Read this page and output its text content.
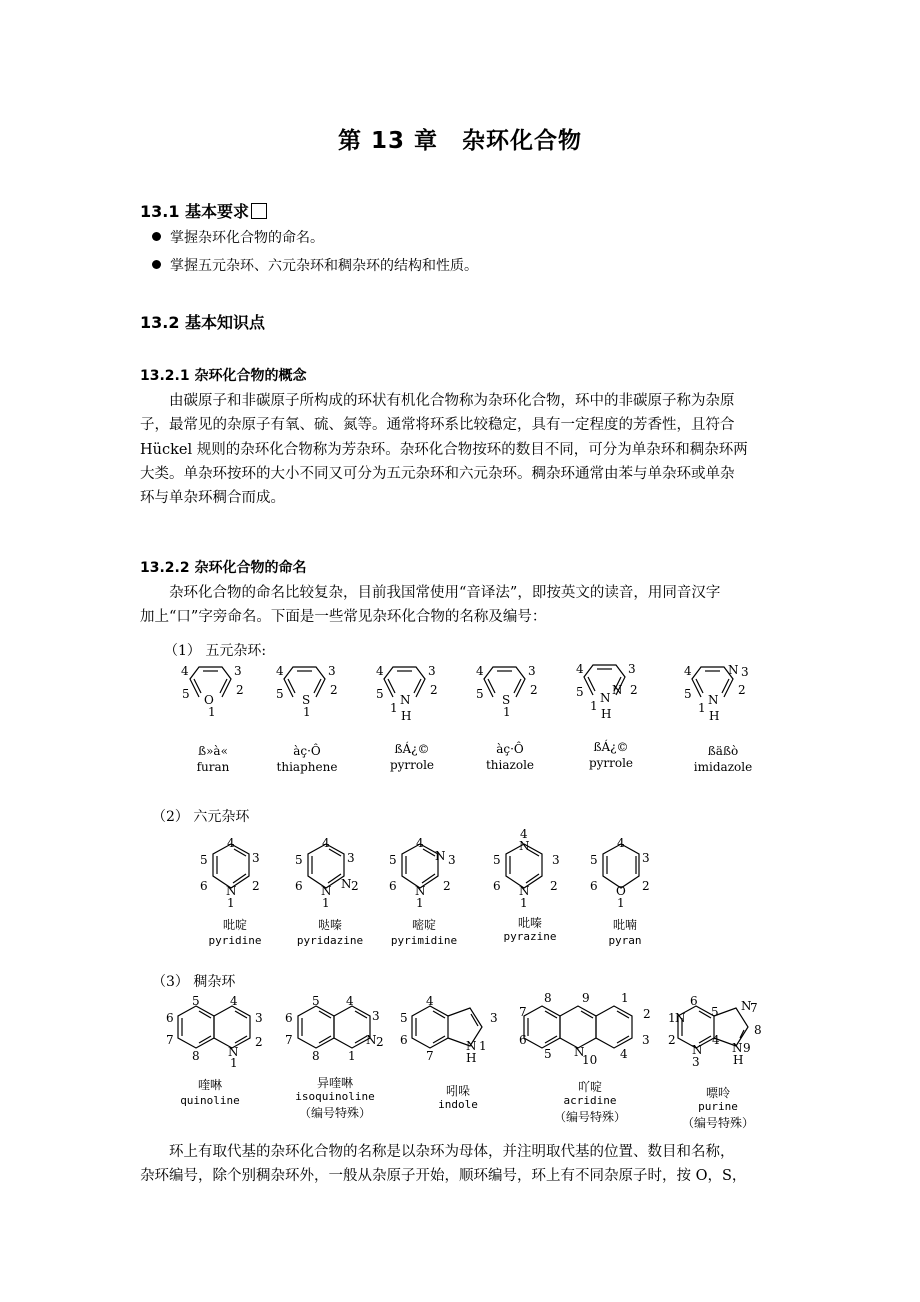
第 13 章　杂环化合物
13.1 基本要求
掌握杂环化合物的命名。
掌握五元杂环、六元杂环和稠杂环的结构和性质。
13.2 基本知识点
13.2.1 杂环化合物的概念
由碳原子和非碳原子所构成的环状有机化合物称为杂环化合物，环中的非碳原子称为杂原
子，最常见的杂原子有氧、硫、氮等。通常将环系比较稳定，具有一定程度的芳香性，且符合
Hückel 规则的杂环化合物称为芳杂环。杂环化合物按环的数目不同，可分为单杂环和稠杂环两
大类。单杂环按环的大小不同又可分为五元杂环和六元杂环。稠杂环通常由苯与单杂环或单杂
环与单杂环稠合而成。
13.2.2 杂环化合物的命名
杂环化合物的命名比较复杂，目前我国常使用“音译法”，即按英文的读音，用同音汉字
加上“口”字旁命名。下面是一些常见杂环化合物的名称及编号：
（1） 五元杂环:
O
1
2
3
4
5
ß»à«
furan
S
1
2
3
4
5
àç·Ô
thiaphene
N
1
H
2
3
4
5
ßÁ¿©
pyrrole
S
1
2
3
4
5
àç·Ô
thiazole
N
N
1
H
2
3
4
5
ßÁ¿©
pyrrole
N
N
1
H
2
3
4
5
ßäßò
imidazole
（2） 六元杂环
4
3
2
N
1
6
5
吡啶
pyridine
4
3
N 2
N
1
6
5
哒嗪
pyridazine
4
N 3
2
N
1
6
5
嘧啶
pyrimidine
4
N
3
2
N
1
6
5
吡嗪
pyrazine
4
3
2
O
1
6
5
吡喃
pyran
（3） 稠杂环
5	4
3
2
N
1
8
7
6
喹啉
quinoline
5 4
3
N 2
1
8
7
6
异喹啉
isoquinoline
（编号特殊）
4
3
N 1
H
7
6
5
吲哚
indole
8	9	1
2
3
4
N
10
5
6
7
吖啶
acridine
（编号特殊）
6
1 N 5 N
7
8
N 9
H
4
N
3
2
嘌呤
purine
（编号特殊）
环上有取代基的杂环化合物的名称是以杂环为母体，并注明取代基的位置、数目和名称，
杂环编号，除个别稠杂环外，一般从杂原子开始，顺环编号，环上有不同杂原子时，按 O，S，
